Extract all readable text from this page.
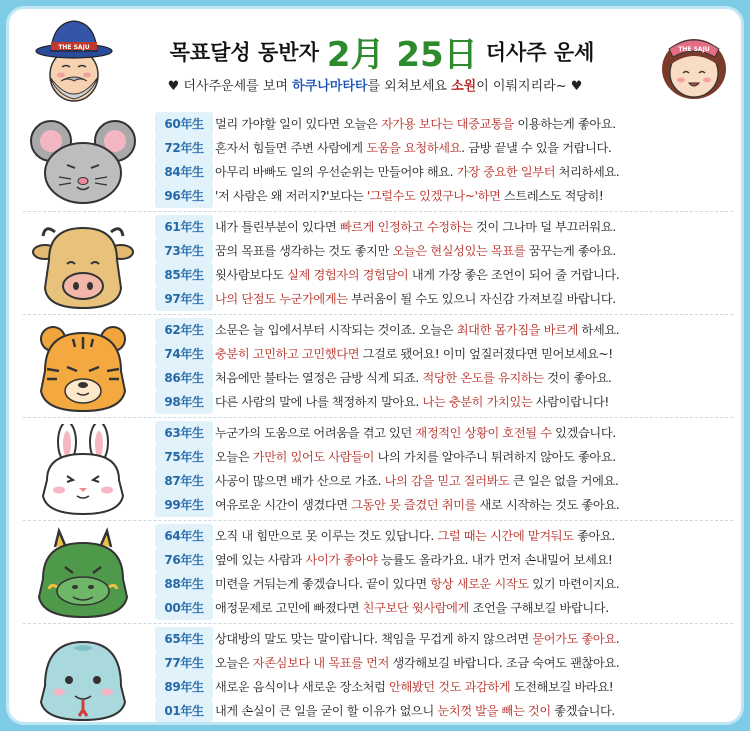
THE SAJU	목표달성 동반자 2月 25日 더사주 운세	THE SAJU
♥ 더사주운세를 보며 하쿠나마타타를 외쳐보세요 소원이 이뤄지리라~ ♥
60年生 멀리 가야할 일이 있다면 오늘은 자가용 보다는 대중교통을 이용하는게 좋아요.
72年生 혼자서 힘들면 주변 사람에게 도움을 요청하세요. 금방 끝낼 수 있을 거랍니다.
84年生 아무리 바빠도 일의 우선순위는 만들어야 해요. 가장 중요한 일부터 처리하세요.
96年生 '저 사람은 왜 저러지?'보다는 '그럴수도 있겠구나~'하면 스트레스도 적당히!
61年生 내가 틀린부분이 있다면 빠르게 인정하고 수정하는 것이 그나마 덜 부끄러워요.
73年生 꿈의 목표를 생각하는 것도 좋지만 오늘은 현실성있는 목표를 꿈꾸는게 좋아요.
85年生 윗사람보다도 실제 경험자의 경험담이 내게 가장 좋은 조언이 되어 줄 거랍니다.
97年生 나의 단점도 누군가에게는 부러움이 될 수도 있으니 자신감 가져보길 바랍니다.
62年生 소문은 늘 입에서부터 시작되는 것이죠. 오늘은 최대한 몸가짐을 바르게 하세요.
74年生 충분히 고민하고 고민했다면 그걸로 됐어요! 이미 엎질러졌다면 믿어보세요~!
86年生 처음에만 불타는 열정은 금방 식게 되죠. 적당한 온도를 유지하는 것이 좋아요.
98年生 다른 사람의 말에 나를 책정하지 말아요. 나는 충분히 가치있는 사람이랍니다!
63年生 누군가의 도움으로 어려움을 겪고 있던 재정적인 상황이 호전될 수 있겠습니다.
75年生 오늘은 가만히 있어도 사람들이 나의 가치를 알아주니 튀려하지 않아도 좋아요.
87年生 사공이 많으면 배가 산으로 가죠. 나의 감을 믿고 질러봐도 큰 일은 없을 거에요.
99年生 여유로운 시간이 생겼다면 그동안 못 즐겼던 취미를 새로 시작하는 것도 좋아요.
64年生 오직 내 힘만으로 못 이루는 것도 있답니다. 그럴 때는 시간에 맡겨둬도 좋아요.
76年生 옆에 있는 사람과 사이가 좋아야 능률도 올라가요. 내가 먼저 손내밀어 보세요!
88年生 미련을 거둬는게 좋겠습니다. 끝이 있다면 항상 새로운 시작도 있기 마련이지요.
00年生 애정문제로 고민에 빠졌다면 친구보단 윗사람에게 조언을 구해보길 바랍니다.
65年生 상대방의 말도 맞는 말이랍니다. 책임을 무겁게 하지 않으려면 묻어가도 좋아요.
77年生 오늘은 자존심보다 내 목표를 먼저 생각해보길 바랍니다. 조금 숙여도 괜찮아요.
89年生 새로운 음식이나 새로운 장소처럼 안해봤던 것도 과감하게 도전해보길 바라요!
01年生 내게 손실이 큰 일을 굳이 할 이유가 없으니 눈치껏 발을 빼는 것이 좋겠습니다.
